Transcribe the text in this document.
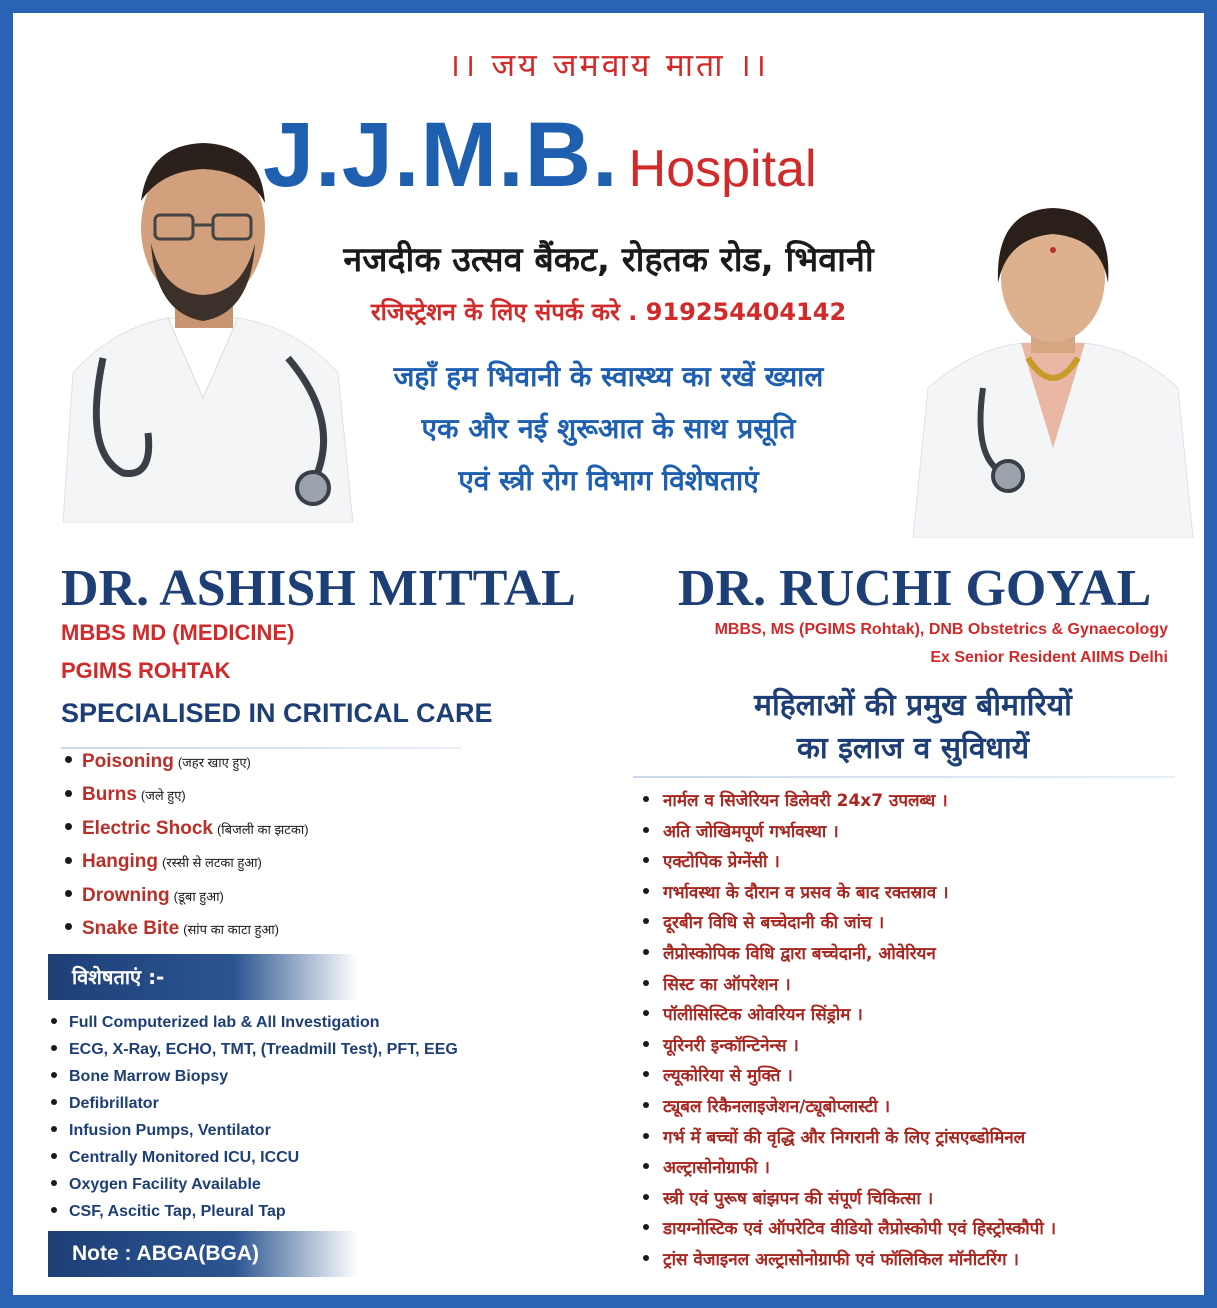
।। जय जमवाय माता ।।
J.J.M.B. Hospital
नजदीक उत्सव बैंकट, रोहतक रोड, भिवानी
रजिस्ट्रेशन के लिए संपर्क करे . 919254404142
जहाँ हम भिवानी के स्वास्थ्य का रखें ख्याल
एक और नई शुरूआत के साथ प्रसूति
एवं स्त्री रोग विभाग विशेषताएं
DR. ASHISH MITTAL
MBBS MD (MEDICINE)
PGIMS ROHTAK
SPECIALISED IN CRITICAL CARE
Poisoning (जहर खाए हुए)
Burns (जले हुए)
Electric Shock (बिजली का झटका)
Hanging (रस्सी से लटका हुआ)
Drowning (डूबा हुआ)
Snake Bite (सांप का काटा हुआ)
विशेषताएं :-
Full Computerized lab & All Investigation
ECG, X-Ray, ECHO, TMT, (Treadmill Test), PFT, EEG
Bone Marrow Biopsy
Defibrillator
Infusion Pumps, Ventilator
Centrally Monitored ICU, ICCU
Oxygen Facility Available
CSF, Ascitic Tap, Pleural Tap
Note : ABGA(BGA)
DR. RUCHI GOYAL
MBBS, MS (PGIMS Rohtak), DNB Obstetrics & Gynaecology
Ex Senior Resident AIIMS Delhi
महिलाओं की प्रमुख बीमारियों
का इलाज व सुविधायें
नार्मल व सिजेरियन डिलेवरी 24x7 उपलब्ध ।
अति जोखिमपूर्ण गर्भावस्था ।
एक्टोपिक प्रेग्नेंसी ।
गर्भावस्था के दौरान व प्रसव के बाद रक्तस्राव ।
दूरबीन विधि से बच्चेदानी की जांच ।
लैप्रोस्कोपिक विधि द्वारा बच्चेदानी, ओवेरियन
सिस्ट का ऑपरेशन ।
पॉलीसिस्टिक ओवरियन सिंड्रोम ।
यूरिनरी इन्कॉन्टिनेन्स ।
ल्यूकोरिया से मुक्ति ।
ट्यूबल रिकैनलाइजेशन/ट्यूबोप्लास्टी ।
गर्भ में बच्चों की वृद्धि और निगरानी के लिए ट्रांसएब्डोमिनल
अल्ट्रासोनोग्राफी ।
स्त्री एवं पुरूष बांझपन की संपूर्ण चिकित्सा ।
डायग्नोस्टिक एवं ऑपरेटिव वीडियो लैप्रोस्कोपी एवं हिस्ट्रोस्कौपी ।
ट्रांस वेजाइनल अल्ट्रासोनोग्राफी एवं फॉलिकिल मॉनीटरिंग ।
